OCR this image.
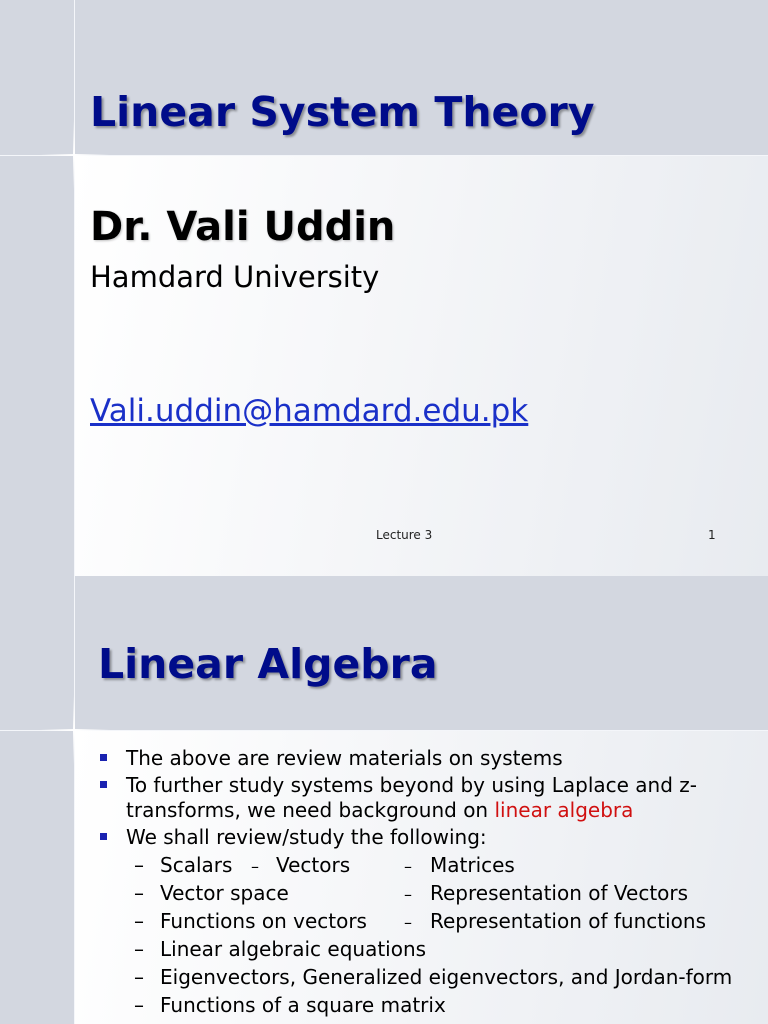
Linear System Theory
Dr. Vali Uddin
Hamdard University
Vali.uddin@hamdard.edu.pk
Lecture 3	1
Linear Algebra
The above are review materials on systems
To further study systems beyond by using Laplace and z-
transforms, we need background on linear algebra
We shall review/study the following:
– Scalars – Vectors	– Matrices
– Vector space	– Representation of Vectors
– Functions on vectors – Representation of functions
– Linear algebraic equations
– Eigenvectors, Generalized eigenvectors, and Jordan-form
– Functions of a square matrix
